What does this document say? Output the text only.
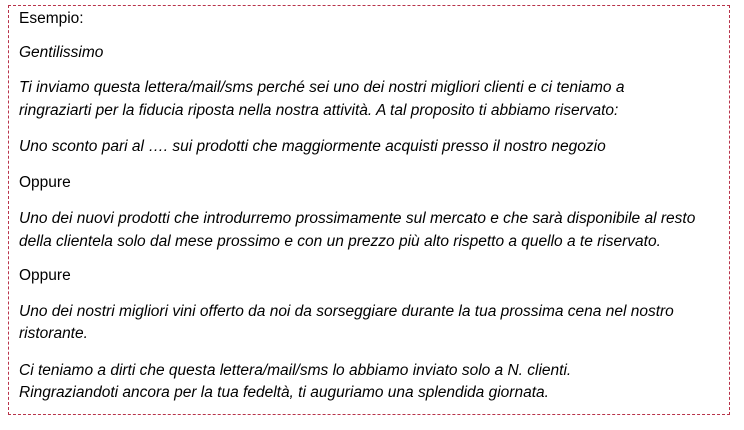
Esempio:

Gentilissimo

Ti inviamo questa lettera/mail/sms perché sei uno dei nostri migliori clienti e ci teniamo a

ringraziarti per la fiducia riposta nella nostra attività. A tal proposito ti abbiamo riservato:

Uno sconto pari al …. sui prodotti che maggiormente acquisti presso il nostro negozio

Oppure

Uno dei nuovi prodotti che introdurremo prossimamente sul mercato e che sarà disponibile al resto

della clientela solo dal mese prossimo e con un prezzo più alto rispetto a quello a te riservato.

Oppure

Uno dei nostri migliori vini offerto da noi da sorseggiare durante la tua prossima cena nel nostro

ristorante.

Ci teniamo a dirti che questa lettera/mail/sms lo abbiamo inviato solo a N. clienti.

Ringraziandoti ancora per la tua fedeltà, ti auguriamo una splendida giornata.
